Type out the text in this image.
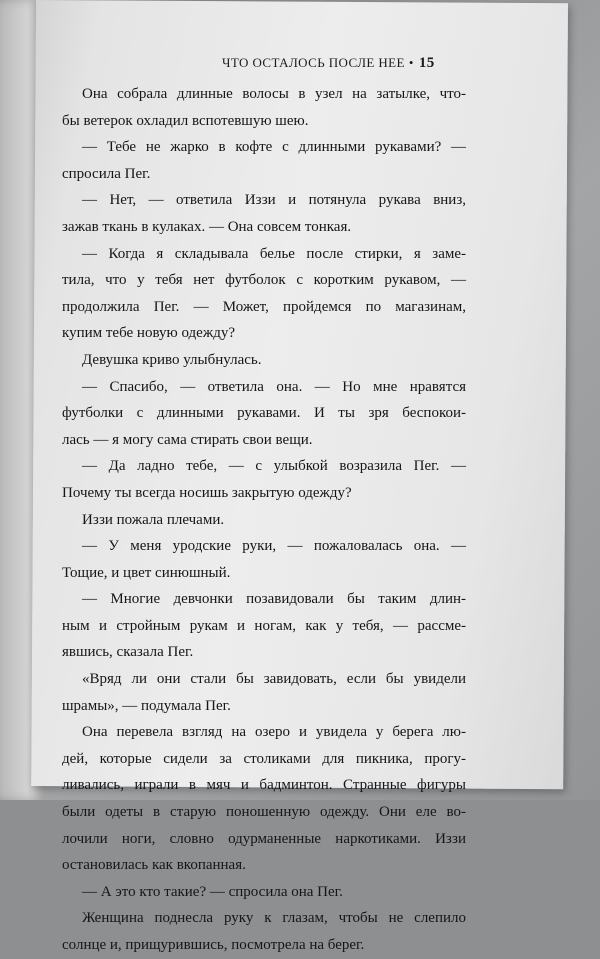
ЧТО ОСТАЛОСЬ ПОСЛЕ НЕЕ • 15
Она собрала длинные волосы в узел на затылке, что-
бы ветерок охладил вспотевшую шею.
— Тебе не жарко в кофте с длинными рукавами? —
спросила Пег.
— Нет, — ответила Иззи и потянула рукава вниз,
зажав ткань в кулаках. — Она совсем тонкая.
— Когда я складывала белье после стирки, я заме-
тила, что у тебя нет футболок с коротким рукавом, —
продолжила Пег. — Может, пройдемся по магазинам,
купим тебе новую одежду?
Девушка криво улыбнулась.
— Спасибо, — ответила она. — Но мне нравятся
футболки с длинными рукавами. И ты зря беспокои-
лась — я могу сама стирать свои вещи.
— Да ладно тебе, — с улыбкой возразила Пег. —
Почему ты всегда носишь закрытую одежду?
Иззи пожала плечами.
— У меня уродские руки, — пожаловалась она. —
Тощие, и цвет синюшный.
— Многие девчонки позавидовали бы таким длин-
ным и стройным рукам и ногам, как у тебя, — рассме-
явшись, сказала Пег.
«Вряд ли они стали бы завидовать, если бы увидели
шрамы», — подумала Пег.
Она перевела взгляд на озеро и увидела у берега лю-
дей, которые сидели за столиками для пикника, прогу-
ливались, играли в мяч и бадминтон. Странные фигуры
были одеты в старую поношенную одежду. Они еле во-
лочили ноги, словно одурманенные наркотиками. Иззи
остановилась как вкопанная.
— А это кто такие? — спросила она Пег.
Женщина поднесла руку к глазам, чтобы не слепило
солнце и, прищурившись, посмотрела на берег.
